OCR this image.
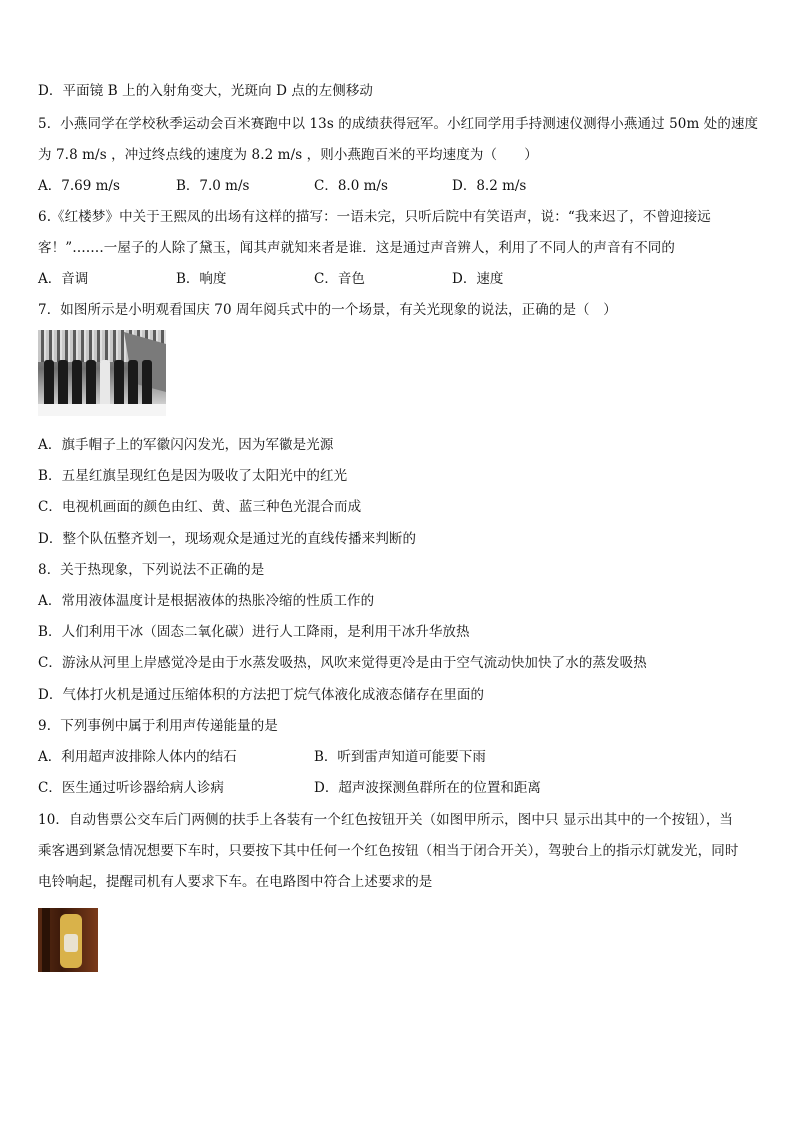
D．平面镜 B 上的入射角变大，光斑向 D 点的左侧移动
5．小燕同学在学校秋季运动会百米赛跑中以 13s 的成绩获得冠军。小红同学用手持测速仪测得小燕通过 50m 处的速度
为 7.8 m/s ，冲过终点线的速度为 8.2 m/s ，则小燕跑百米的平均速度为（　　）
A．7.69 m/s	B．7.0 m/s	C．8.0 m/s	D．8.2 m/s
6.《红楼梦》中关于王熙凤的出场有这样的描写：一语未完，只听后院中有笑语声，说：“我来迟了，不曾迎接远
客！”…….一屋子的人除了黛玉，闻其声就知来者是谁．这是通过声音辨人，利用了不同人的声音有不同的
A．音调	B．响度	C．音色	D．速度
7．如图所示是小明观看国庆 70 周年阅兵式中的一个场景，有关光现象的说法，正确的是（　）
A．旗手帽子上的军徽闪闪发光，因为军徽是光源
B．五星红旗呈现红色是因为吸收了太阳光中的红光
C．电视机画面的颜色由红、黄、蓝三种色光混合而成
D．整个队伍整齐划一，现场观众是通过光的直线传播来判断的
8．关于热现象，下列说法不正确的是
A．常用液体温度计是根据液体的热胀冷缩的性质工作的
B．人们利用干冰（固态二氧化碳）进行人工降雨，是利用干冰升华放热
C．游泳从河里上岸感觉冷是由于水蒸发吸热，风吹来觉得更冷是由于空气流动快加快了水的蒸发吸热
D．气体打火机是通过压缩体积的方法把丁烷气体液化成液态储存在里面的
9．下列事例中属于利用声传递能量的是
A．利用超声波排除人体内的结石	B．听到雷声知道可能要下雨
C．医生通过听诊器给病人诊病	D．超声波探测鱼群所在的位置和距离
10．自动售票公交车后门两侧的扶手上各装有一个红色按钮开关（如图甲所示，图中只 显示出其中的一个按钮），当
乘客遇到紧急情况想要下车时，只要按下其中任何一个红色按钮（相当于闭合开关），驾驶台上的指示灯就发光，同时
电铃响起，提醒司机有人要求下车。在电路图中符合上述要求的是
